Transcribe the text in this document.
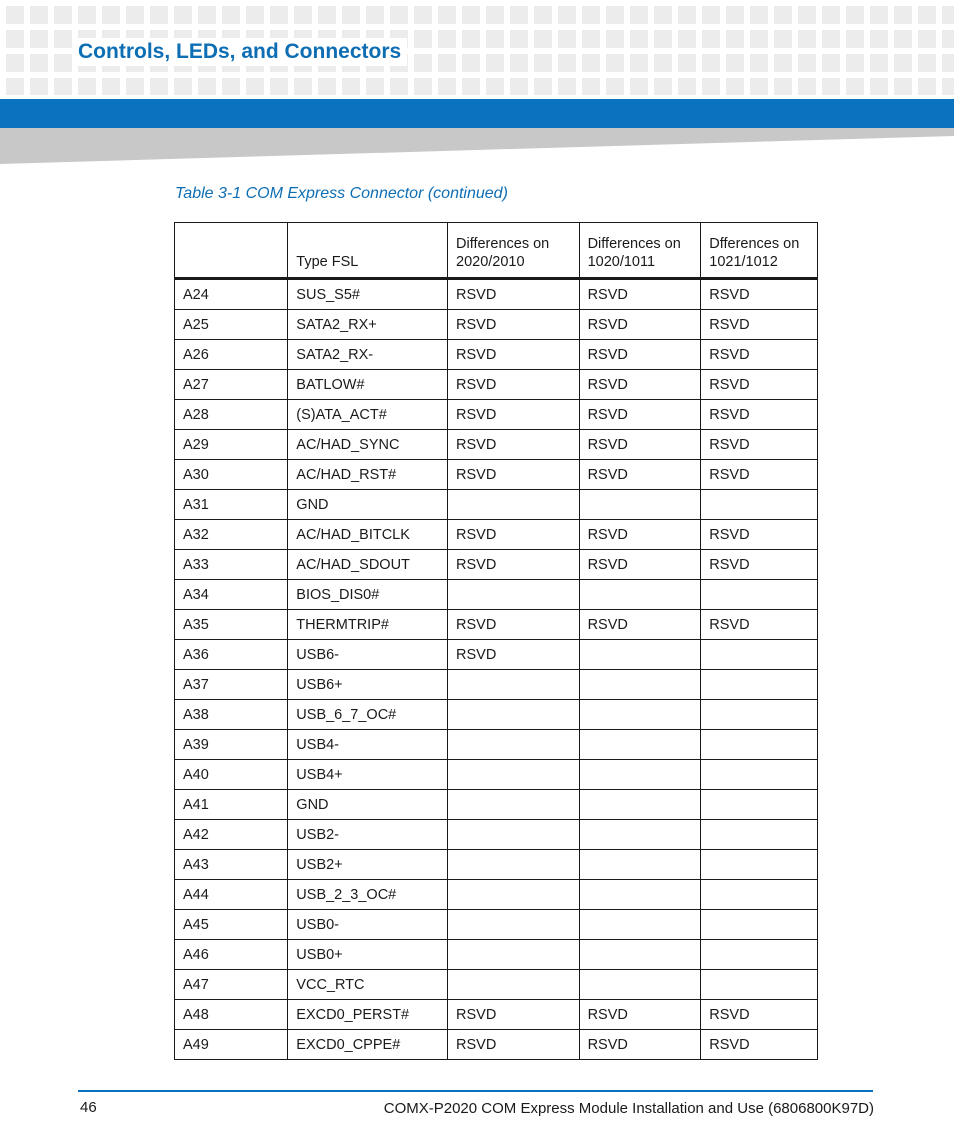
Controls, LEDs, and Connectors

Table 3-1 COM Express Connector (continued)

	Type FSL	Differences on 2020/2010	Differences on 1020/1011	Dfferences on 1021/1012
A24	SUS_S5#	RSVD	RSVD	RSVD
A25	SATA2_RX+	RSVD	RSVD	RSVD
A26	SATA2_RX-	RSVD	RSVD	RSVD
A27	BATLOW#	RSVD	RSVD	RSVD
A28	(S)ATA_ACT#	RSVD	RSVD	RSVD
A29	AC/HAD_SYNC	RSVD	RSVD	RSVD
A30	AC/HAD_RST#	RSVD	RSVD	RSVD
A31	GND			
A32	AC/HAD_BITCLK	RSVD	RSVD	RSVD
A33	AC/HAD_SDOUT	RSVD	RSVD	RSVD
A34	BIOS_DIS0#			
A35	THERMTRIP#	RSVD	RSVD	RSVD
A36	USB6-	RSVD		
A37	USB6+			
A38	USB_6_7_OC#			
A39	USB4-			
A40	USB4+			
A41	GND			
A42	USB2-			
A43	USB2+			
A44	USB_2_3_OC#			
A45	USB0-			
A46	USB0+			
A47	VCC_RTC			
A48	EXCD0_PERST#	RSVD	RSVD	RSVD
A49	EXCD0_CPPE#	RSVD	RSVD	RSVD
46	COMX-P2020 COM Express Module Installation and Use (6806800K97D)
